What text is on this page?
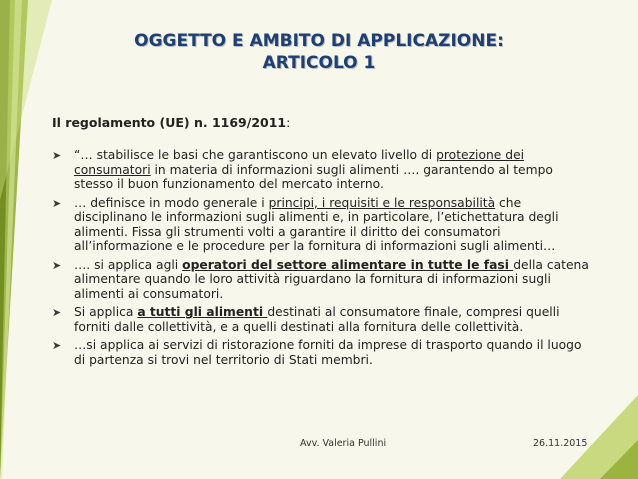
OGGETTO E AMBITO DI APPLICAZIONE:
ARTICOLO 1
Il regolamento (UE) n. 1169/2011:
➤ “… stabilisce le basi che garantiscono un elevato livello di protezione dei consumatori in materia di informazioni sugli alimenti …. garantendo al tempo stesso il buon funzionamento del mercato interno.
➤ … definisce in modo generale i principi, i requisiti e le responsabilità che disciplinano le informazioni sugli alimenti e, in particolare, l’etichettatura degli alimenti. Fissa gli strumenti volti a garantire il diritto dei consumatori all’informazione e le procedure per la fornitura di informazioni sugli alimenti…
➤ …. si applica agli operatori del settore alimentare in tutte le fasi della catena alimentare quando le loro attività riguardano la fornitura di informazioni sugli alimenti ai consumatori.
➤ Si applica a tutti gli alimenti destinati al consumatore finale, compresi quelli forniti dalle collettività, e a quelli destinati alla fornitura delle collettività.
➤ …si applica ai servizi di ristorazione forniti da imprese di trasporto quando il luogo di partenza si trovi nel territorio di Stati membri.
Avv. Valeria Pullini	26.11.2015
